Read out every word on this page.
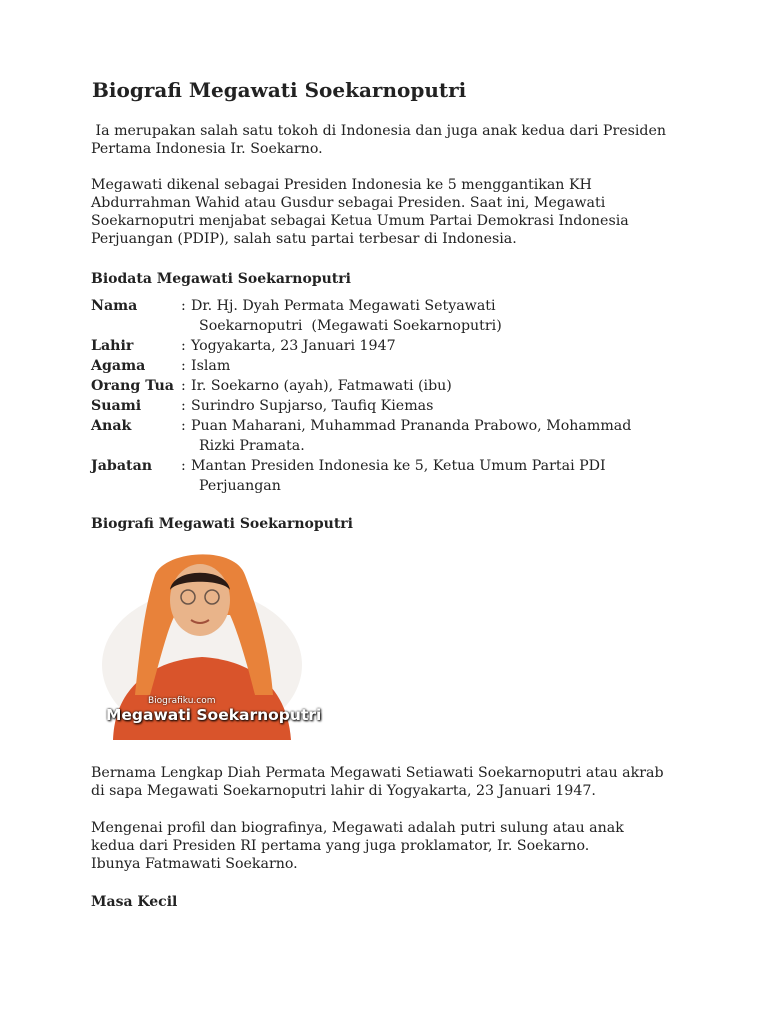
Biografi Megawati Soekarnoputri

Ia merupakan salah satu tokoh di Indonesia dan juga anak kedua dari Presiden
Pertama Indonesia Ir. Soekarno.

Megawati dikenal sebagai Presiden Indonesia ke 5 menggantikan KH
Abdurrahman Wahid atau Gusdur sebagai Presiden. Saat ini, Megawati
Soekarnoputri menjabat sebagai Ketua Umum Partai Demokrasi Indonesia
Perjuangan (PDIP), salah satu partai terbesar di Indonesia.

Biodata Megawati Soekarnoputri
Nama	: Dr. Hj. Dyah Permata Megawati Setyawati
Soekarnoputri  (Megawati Soekarnoputri)
Lahir	: Yogyakarta, 23 Januari 1947
Agama	: Islam
Orang Tua : Ir. Soekarno (ayah), Fatmawati (ibu)
Suami	: Surindro Supjarso, Taufiq Kiemas
Anak	: Puan Maharani, Muhammad Prananda Prabowo, Mohammad
Rizki Pramata.
Jabatan	: Mantan Presiden Indonesia ke 5, Ketua Umum Partai PDI
Perjuangan
Biografi Megawati Soekarnoputri
Biografiku.com
Megawati Soekarnoputri

Bernama Lengkap Diah Permata Megawati Setiawati Soekarnoputri atau akrab
di sapa Megawati Soekarnoputri lahir di Yogyakarta, 23 Januari 1947.

Mengenai profil dan biografinya, Megawati adalah putri sulung atau anak
kedua dari Presiden RI pertama yang juga proklamator, Ir. Soekarno.
Ibunya Fatmawati Soekarno.

Masa Kecil
